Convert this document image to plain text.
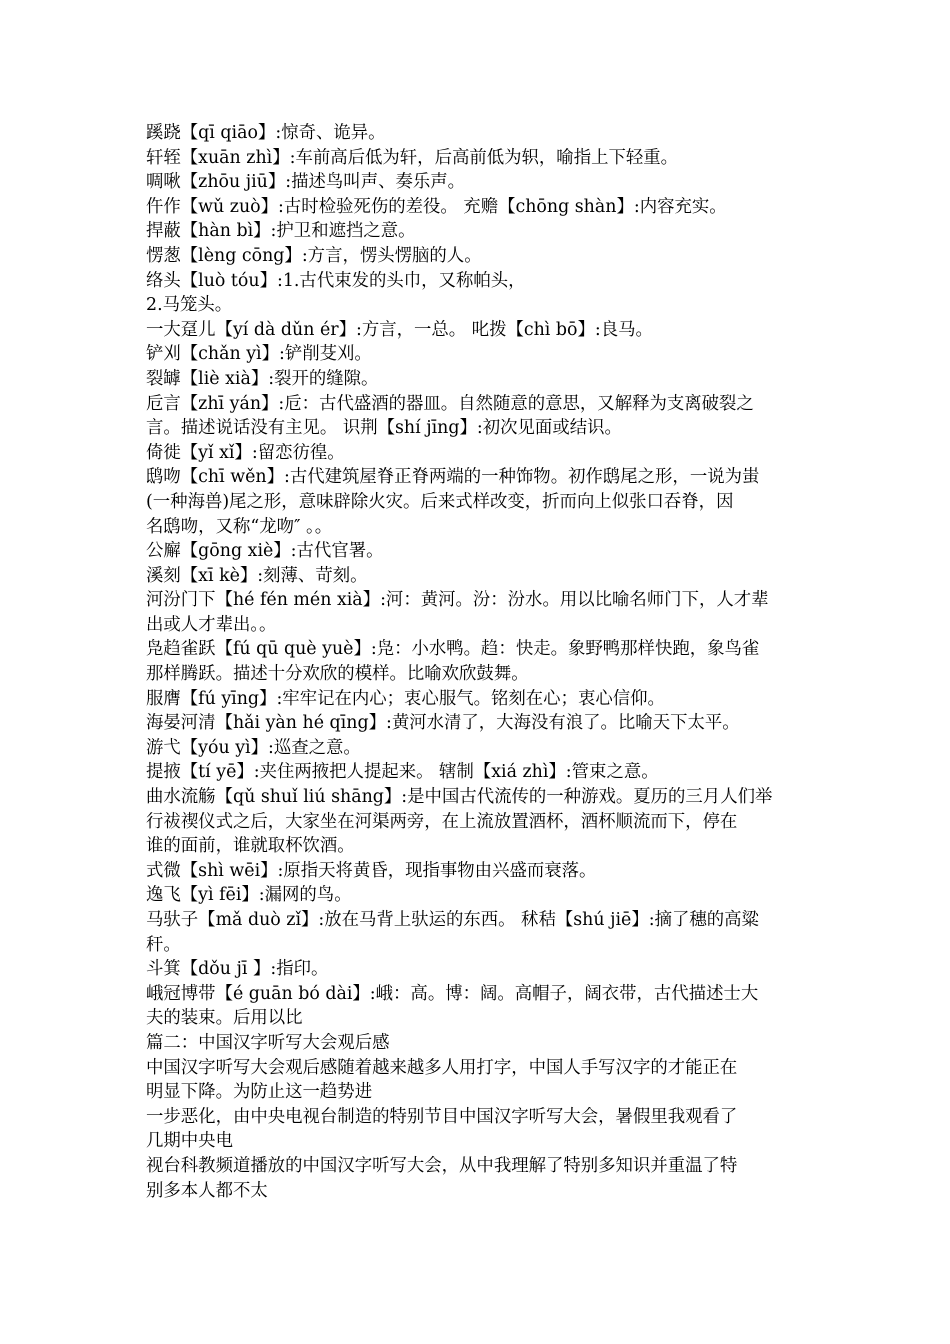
蹊跷【qī qiāo】:惊奇、诡异。
轩轾【xuān zhì】:车前高后低为轩，后高前低为轵，喻指上下轻重。
啁啾【zhōu jiū】:描述鸟叫声、奏乐声。
仵作【wǔ zuò】:古时检验死伤的差役。 充赡【chōng shàn】:内容充实。
捍蔽【hàn bì】:护卫和遮挡之意。
愣葱【lèng cōng】:方言，愣头愣脑的人。
络头【luò tóu】:1.古代束发的头巾，又称帕头，
2.马笼头。
一大趸儿【yí dà dǔn ér】:方言，一总。 叱拨【chì bō】:良马。
铲刈【chǎn yì】:铲削芟刈。
裂罅【liè xià】:裂开的缝隙。
卮言【zhī yán】:卮：古代盛酒的器皿。自然随意的意思，又解释为支离破裂之
言。描述说话没有主见。 识荆【shí jīng】:初次见面或结识。
倚徙【yǐ xǐ】:留恋彷徨。
鸱吻【chī wěn】:古代建筑屋脊正脊两端的一种饰物。初作鸱尾之形，一说为蚩
(一种海兽)尾之形，意味辟除火灾。后来式样改变，折而向上似张口吞脊，因
名鸱吻，又称“龙吻″ 。。
公廨【gōng xiè】:古代官署。
溪刻【xī kè】:刻薄、苛刻。
河汾门下【hé fén mén xià】:河：黄河。汾：汾水。用以比喻名师门下，人才辈
出或人才辈出。。
凫趋雀跃【fú qū què yuè】:凫：小水鸭。趋：快走。象野鸭那样快跑，象鸟雀
那样腾跃。描述十分欢欣的模样。比喻欢欣鼓舞。
服膺【fú yīng】:牢牢记在内心；衷心服气。铭刻在心；衷心信仰。
海晏河清【hǎi yàn hé qīng】:黄河水清了，大海没有浪了。比喻天下太平。
游弋【yóu yì】:巡查之意。
提掖【tí yē】:夹住两掖把人提起来。 辖制【xiá zhì】:管束之意。
曲水流觞【qǔ shuǐ liú shāng】:是中国古代流传的一种游戏。夏历的三月人们举
行祓禊仪式之后，大家坐在河渠两旁，在上流放置酒杯，酒杯顺流而下，停在
谁的面前，谁就取杯饮酒。
式微【shì wēi】:原指天将黄昏，现指事物由兴盛而衰落。
逸飞【yì fēi】:漏网的鸟。
马驮子【mǎ duò zǐ】:放在马背上驮运的东西。 秫秸【shú jiē】:摘了穗的高粱
秆。
斗箕【dǒu jī 】:指印。
峨冠博带【é guān bó dài】:峨：高。博：阔。高帽子，阔衣带，古代描述士大
夫的装束。后用以比
篇二：中国汉字听写大会观后感
中国汉字听写大会观后感随着越来越多人用打字，中国人手写汉字的才能正在
明显下降。为防止这一趋势进
一步恶化，由中央电视台制造的特别节目中国汉字听写大会，暑假里我观看了
几期中央电
视台科教频道播放的中国汉字听写大会，从中我理解了特别多知识并重温了特
别多本人都不太
